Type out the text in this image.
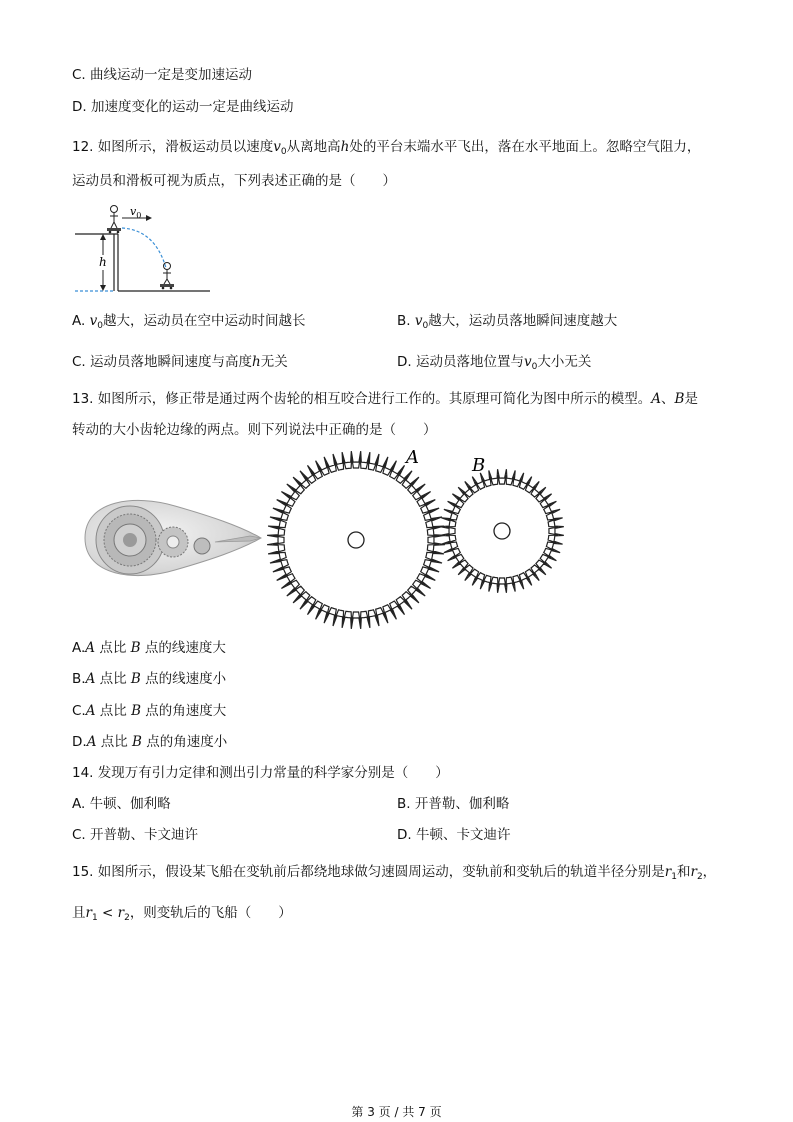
C. 曲线运动一定是变加速运动
D. 加速度变化的运动一定是曲线运动
12. 如图所示，滑板运动员以速度$v_0$从离地高h处的平台末端水平飞出，落在水平地面上。忽略空气阻力，
运动员和滑板可视为质点，下列表述正确的是（　　）
h
$v_0$
A. $v_0$越大，运动员在空中运动时间越长	B. $v_0$越大，运动员落地瞬间速度越大
C. 运动员落地瞬间速度与高度h无关	D. 运动员落地位置与$v_0$大小无关
13. 如图所示，修正带是通过两个齿轮的相互咬合进行工作的。其原理可简化为图中所示的模型。A、B是
转动的大小齿轮边缘的两点。则下列说法中正确的是（　　）
A	B
A.A 点比 B 点的线速度大
B.A 点比 B 点的线速度小
C.A 点比 B 点的角速度大
D.A 点比 B 点的角速度小
14. 发现万有引力定律和测出引力常量的科学家分别是（　　）
A. 牛顿、伽利略	B. 开普勒、伽利略
C. 开普勒、卡文迪许	D. 牛顿、卡文迪许
15. 如图所示，假设某飞船在变轨前后都绕地球做匀速圆周运动，变轨前和变轨后的轨道半径分别是$r_1$和$r_2$，
且$r_1 < r_2$，则变轨后的飞船（　　）
第 3 页 / 共 7 页
